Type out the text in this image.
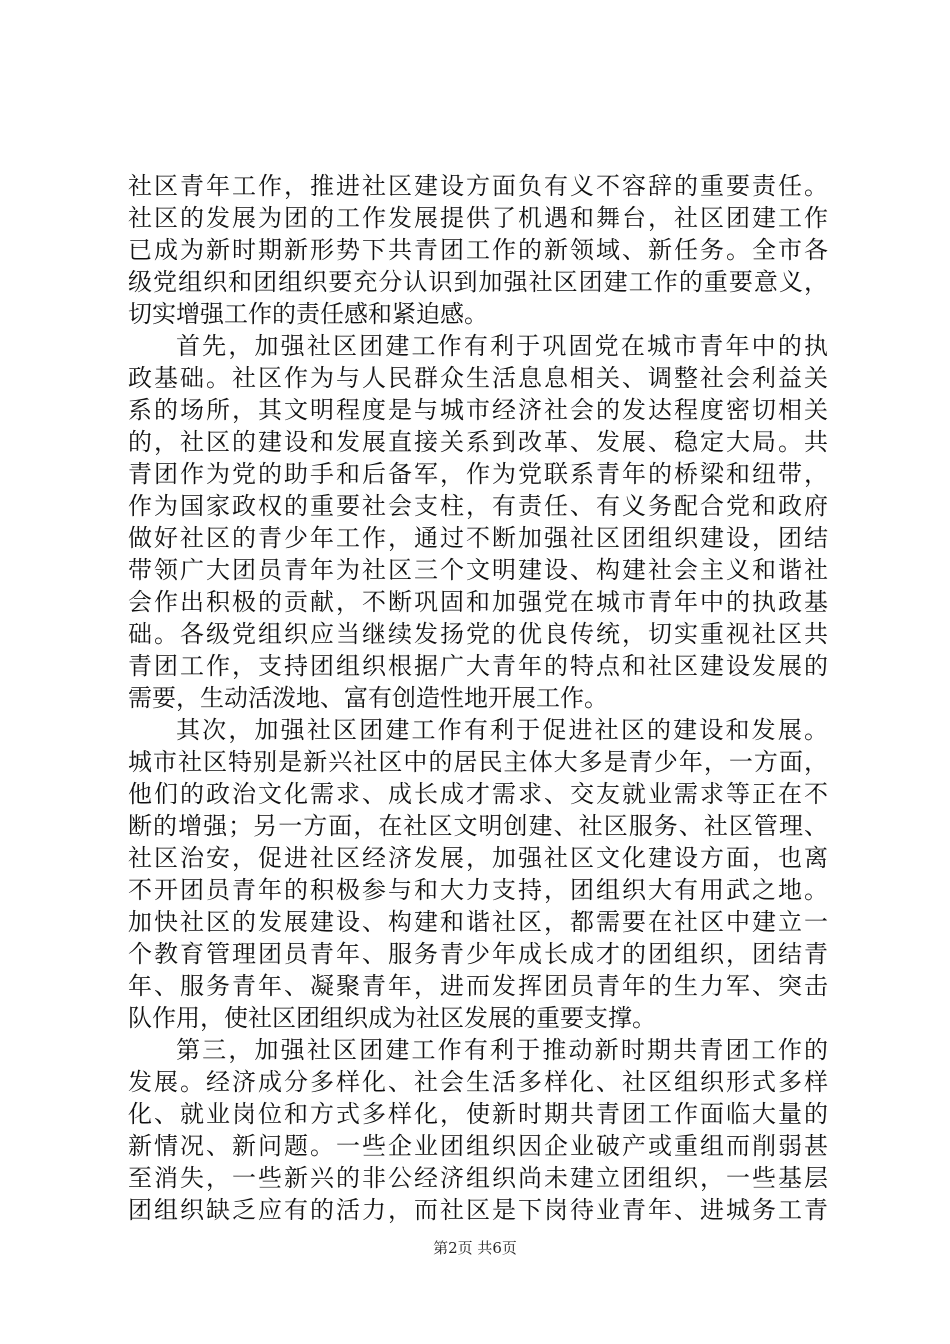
社区青年工作，推进社区建设方面负有义不容辞的重要责任。
社区的发展为团的工作发展提供了机遇和舞台，社区团建工作
已成为新时期新形势下共青团工作的新领域、新任务。全市各
级党组织和团组织要充分认识到加强社区团建工作的重要意义，
切实增强工作的责任感和紧迫感。
首先，加强社区团建工作有利于巩固党在城市青年中的执
政基础。社区作为与人民群众生活息息相关、调整社会利益关
系的场所，其文明程度是与城市经济社会的发达程度密切相关
的，社区的建设和发展直接关系到改革、发展、稳定大局。共
青团作为党的助手和后备军，作为党联系青年的桥梁和纽带，
作为国家政权的重要社会支柱，有责任、有义务配合党和政府
做好社区的青少年工作，通过不断加强社区团组织建设，团结
带领广大团员青年为社区三个文明建设、构建社会主义和谐社
会作出积极的贡献，不断巩固和加强党在城市青年中的执政基
础。各级党组织应当继续发扬党的优良传统，切实重视社区共
青团工作，支持团组织根据广大青年的特点和社区建设发展的
需要，生动活泼地、富有创造性地开展工作。
其次，加强社区团建工作有利于促进社区的建设和发展。
城市社区特别是新兴社区中的居民主体大多是青少年，一方面，
他们的政治文化需求、成长成才需求、交友就业需求等正在不
断的增强；另一方面，在社区文明创建、社区服务、社区管理、
社区治安，促进社区经济发展，加强社区文化建设方面，也离
不开团员青年的积极参与和大力支持，团组织大有用武之地。
加快社区的发展建设、构建和谐社区，都需要在社区中建立一
个教育管理团员青年、服务青少年成长成才的团组织，团结青
年、服务青年、凝聚青年，进而发挥团员青年的生力军、突击
队作用，使社区团组织成为社区发展的重要支撑。
第三，加强社区团建工作有利于推动新时期共青团工作的
发展。经济成分多样化、社会生活多样化、社区组织形式多样
化、就业岗位和方式多样化，使新时期共青团工作面临大量的
新情况、新问题。一些企业团组织因企业破产或重组而削弱甚
至消失，一些新兴的非公经济组织尚未建立团组织，一些基层
团组织缺乏应有的活力，而社区是下岗待业青年、进城务工青
第2页 共6页
